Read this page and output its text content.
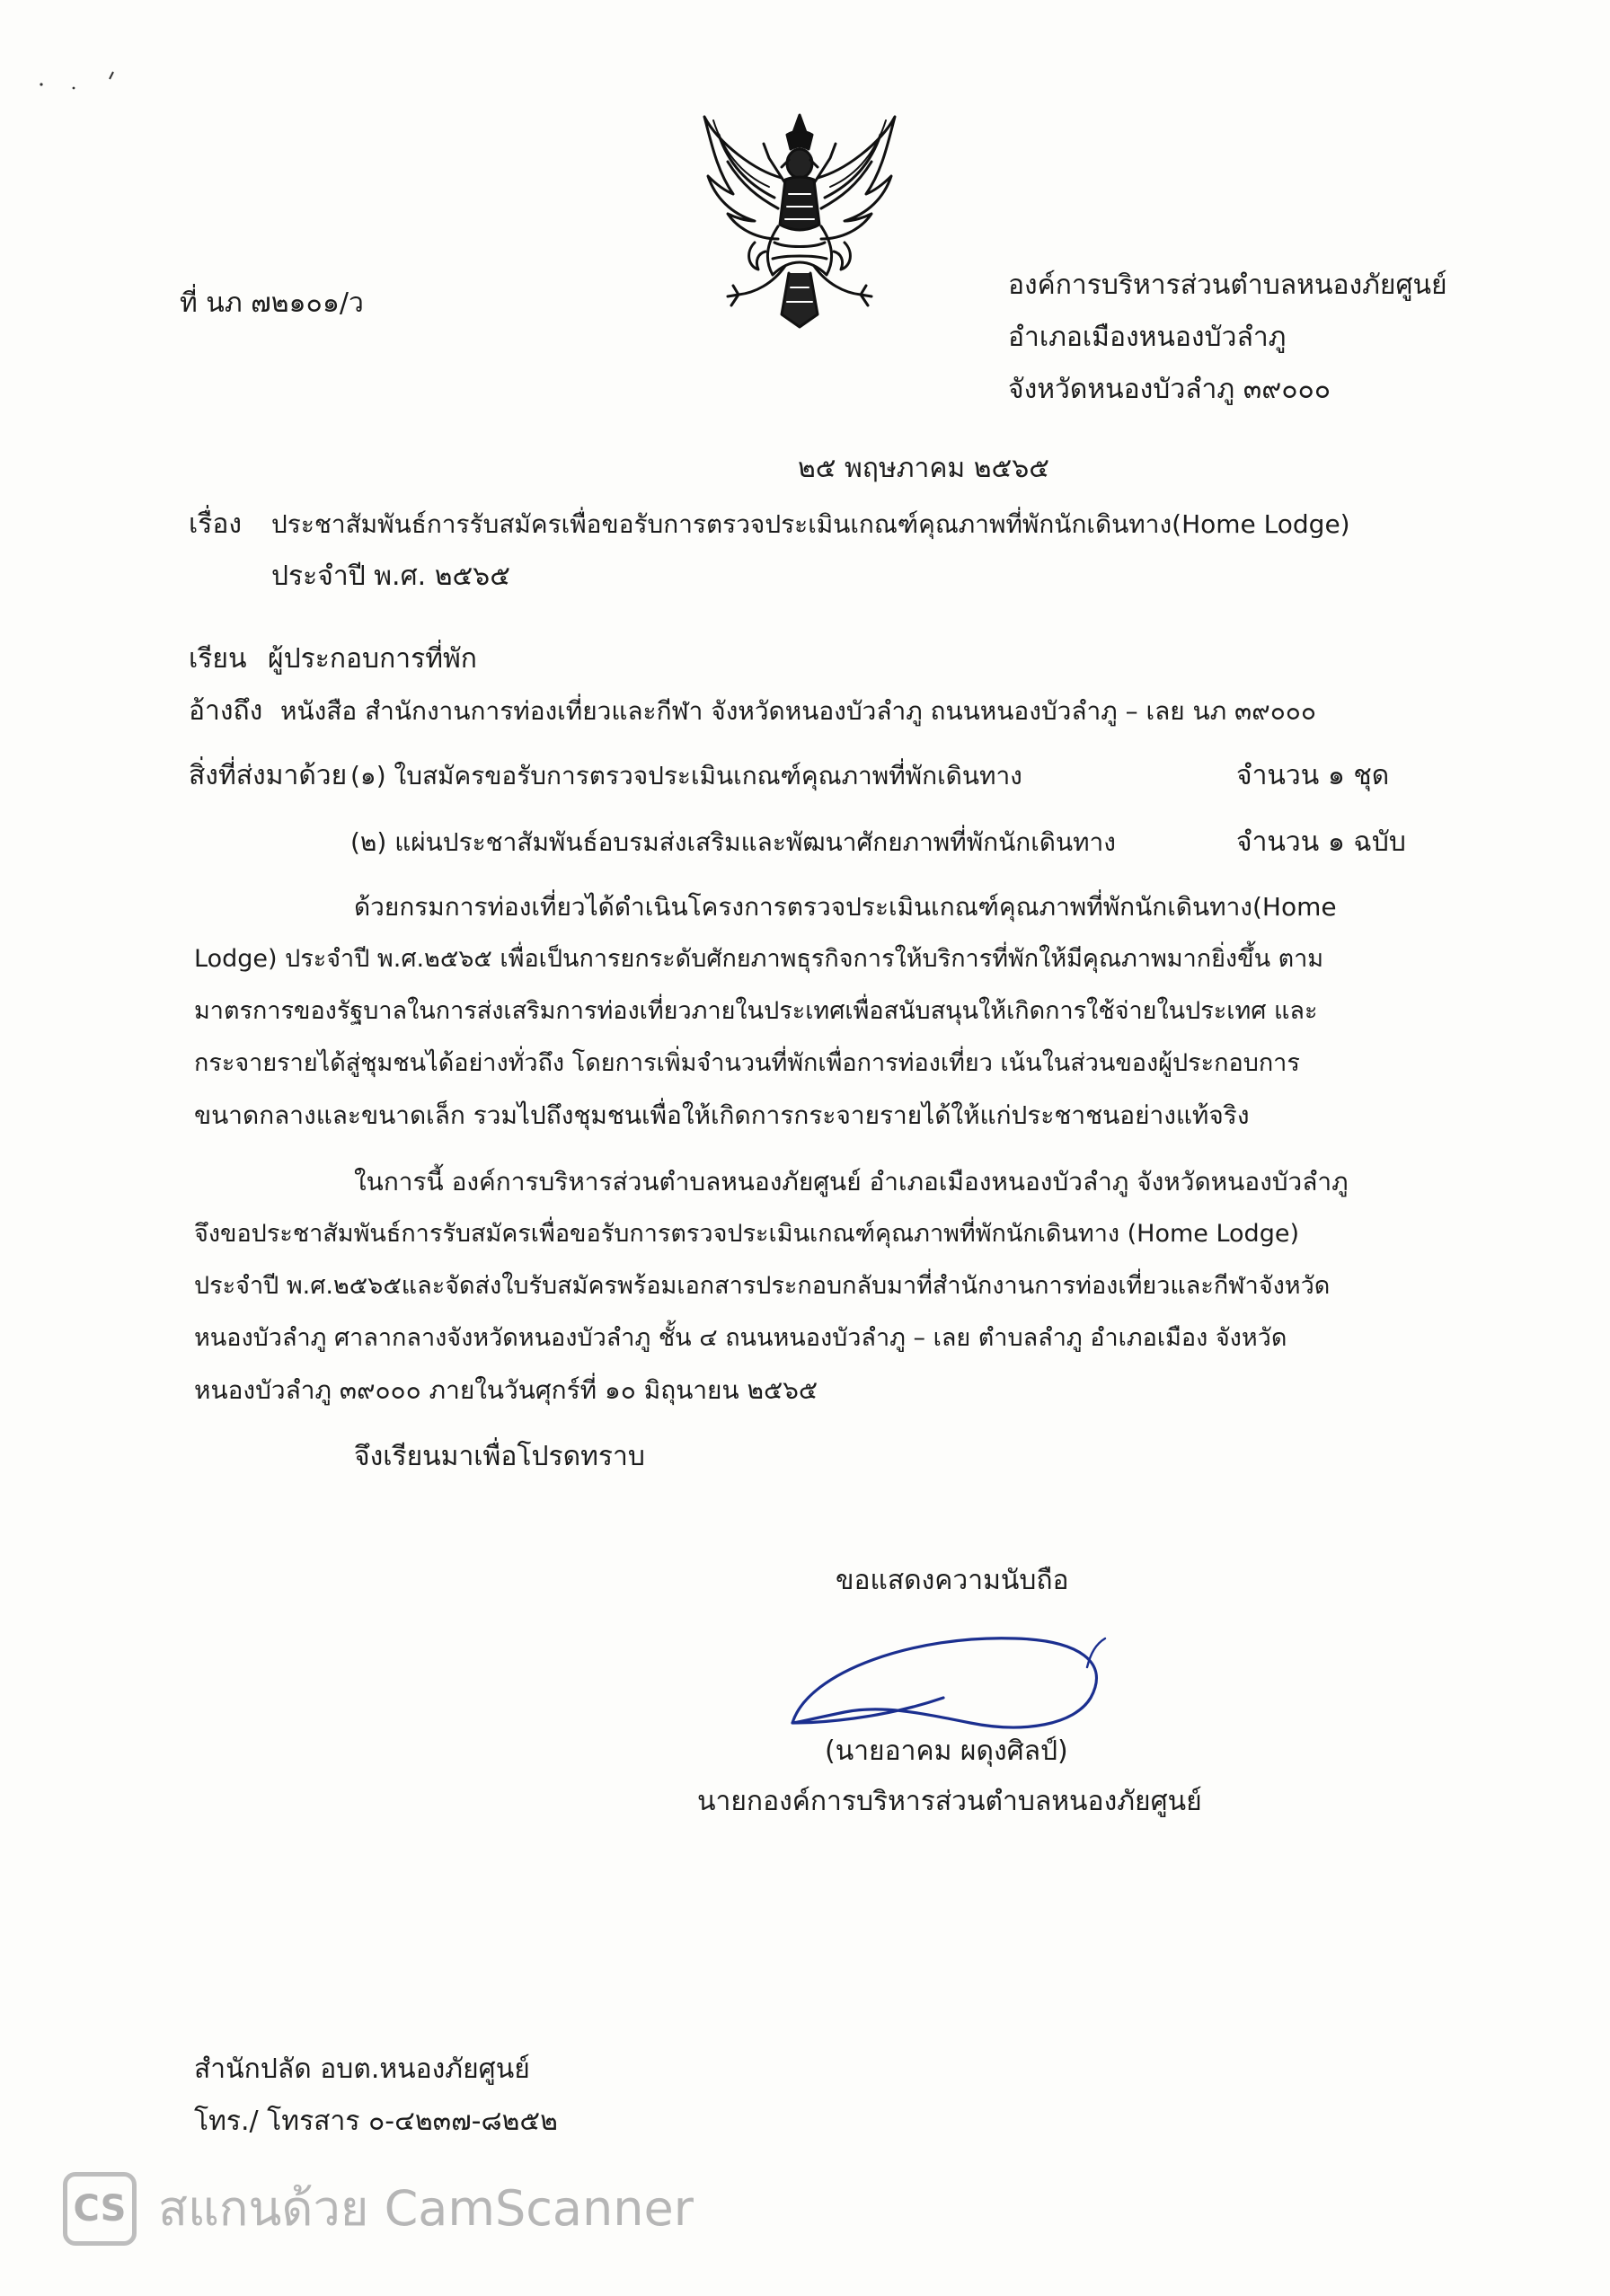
ที่ นภ ๗๒๑๐๑/ว
องค์การบริหารส่วนตำบลหนองภัยศูนย์
อำเภอเมืองหนองบัวลำภู
จังหวัดหนองบัวลำภู ๓๙๐๐๐
๒๕ พฤษภาคม ๒๕๖๕
เรื่อง ประชาสัมพันธ์การรับสมัครเพื่อขอรับการตรวจประเมินเกณฑ์คุณภาพที่พักนักเดินทาง(Home Lodge)
ประจำปี พ.ศ. ๒๕๖๕
เรียน ผู้ประกอบการที่พัก
อ้างถึง หนังสือ สำนักงานการท่องเที่ยวและกีฬา จังหวัดหนองบัวลำภู ถนนหนองบัวลำภู – เลย นภ ๓๙๐๐๐
สิ่งที่ส่งมาด้วย (๑) ใบสมัครขอรับการตรวจประเมินเกณฑ์คุณภาพที่พักเดินทาง	จำนวน ๑ ชุด
(๒) แผ่นประชาสัมพันธ์อบรมส่งเสริมและพัฒนาศักยภาพที่พักนักเดินทาง	จำนวน ๑ ฉบับ
ด้วยกรมการท่องเที่ยวได้ดำเนินโครงการตรวจประเมินเกณฑ์คุณภาพที่พักนักเดินทาง(Home
Lodge) ประจำปี พ.ศ.๒๕๖๕ เพื่อเป็นการยกระดับศักยภาพธุรกิจการให้บริการที่พักให้มีคุณภาพมากยิ่งขึ้น ตาม
มาตรการของรัฐบาลในการส่งเสริมการท่องเที่ยวภายในประเทศเพื่อสนับสนุนให้เกิดการใช้จ่ายในประเทศ และ
กระจายรายได้สู่ชุมชนได้อย่างทั่วถึง โดยการเพิ่มจำนวนที่พักเพื่อการท่องเที่ยว เน้นในส่วนของผู้ประกอบการ
ขนาดกลางและขนาดเล็ก รวมไปถึงชุมชนเพื่อให้เกิดการกระจายรายได้ให้แก่ประชาชนอย่างแท้จริง
ในการนี้ องค์การบริหารส่วนตำบลหนองภัยศูนย์ อำเภอเมืองหนองบัวลำภู จังหวัดหนองบัวลำภู
จึงขอประชาสัมพันธ์การรับสมัครเพื่อขอรับการตรวจประเมินเกณฑ์คุณภาพที่พักนักเดินทาง (Home Lodge)
ประจำปี พ.ศ.๒๕๖๕และจัดส่งใบรับสมัครพร้อมเอกสารประกอบกลับมาที่สำนักงานการท่องเที่ยวและกีฬาจังหวัด
หนองบัวลำภู ศาลากลางจังหวัดหนองบัวลำภู ชั้น ๔ ถนนหนองบัวลำภู – เลย ตำบลลำภู อำเภอเมือง จังหวัด
หนองบัวลำภู ๓๙๐๐๐ ภายในวันศุกร์ที่ ๑๐ มิถุนายน ๒๕๖๕
จึงเรียนมาเพื่อโปรดทราบ
ขอแสดงความนับถือ
(นายอาคม ผดุงศิลป์)
นายกองค์การบริหารส่วนตำบลหนองภัยศูนย์
สำนักปลัด อบต.หนองภัยศูนย์
โทร./ โทรสาร ๐-๔๒๓๗-๘๒๕๒
CS สแกนด้วย CamScanner
